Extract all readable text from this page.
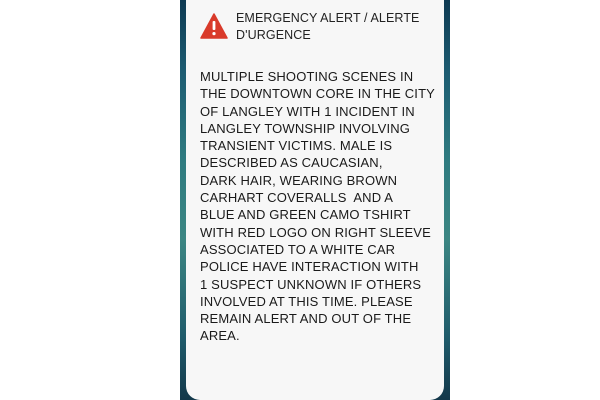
EMERGENCY ALERT / ALERTE
D'URGENCE
MULTIPLE SHOOTING SCENES IN
THE DOWNTOWN CORE IN THE CITY
OF LANGLEY WITH 1 INCIDENT IN
LANGLEY TOWNSHIP INVOLVING
TRANSIENT VICTIMS. MALE IS
DESCRIBED AS CAUCASIAN,
DARK HAIR, WEARING BROWN
CARHART COVERALLS  AND A
BLUE AND GREEN CAMO TSHIRT
WITH RED LOGO ON RIGHT SLEEVE
ASSOCIATED TO A WHITE CAR
POLICE HAVE INTERACTION WITH
1 SUSPECT UNKNOWN IF OTHERS
INVOLVED AT THIS TIME. PLEASE
REMAIN ALERT AND OUT OF THE
AREA.
